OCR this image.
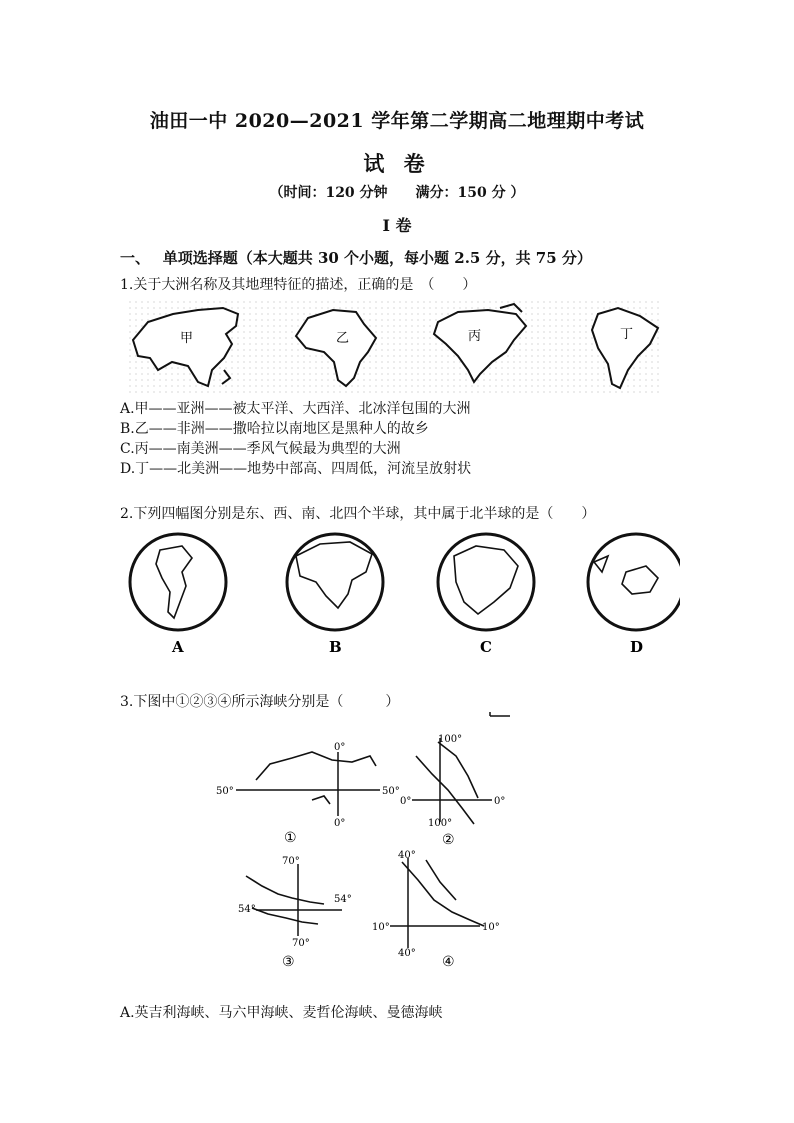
油田一中 2020—2021 学年第二学期高二地理期中考试
试 卷
（时间：120 分钟　　满分：150 分 ）
I 卷
一、　 单项选择题（本大题共 30 个小题，每小题 2.5 分，共 75 分）
1.关于大洲名称及其地理特征的描述，正确的是　（　　）
甲	乙	丙	丁
A.甲——亚洲——被太平洋、大西洋、北冰洋包围的大洲
B.乙——非洲——撒哈拉以南地区是黑种人的故乡
C.丙——南美洲——季风气候最为典型的大洲
D.丁——北美洲——地势中部高、四周低，河流呈放射状
2.下列四幅图分别是东、西、南、北四个半球，其中属于北半球的是（　　）
A	B	C	D
3.下图中①②③④所示海峡分别是（　　　）
50°	50°
0°
0°
①
100°
100°
0°	0°
②
70°
70°
54°
54°
③
40°
40°
10°	10°
④
A.英吉利海峡、马六甲海峡、麦哲伦海峡、曼德海峡
